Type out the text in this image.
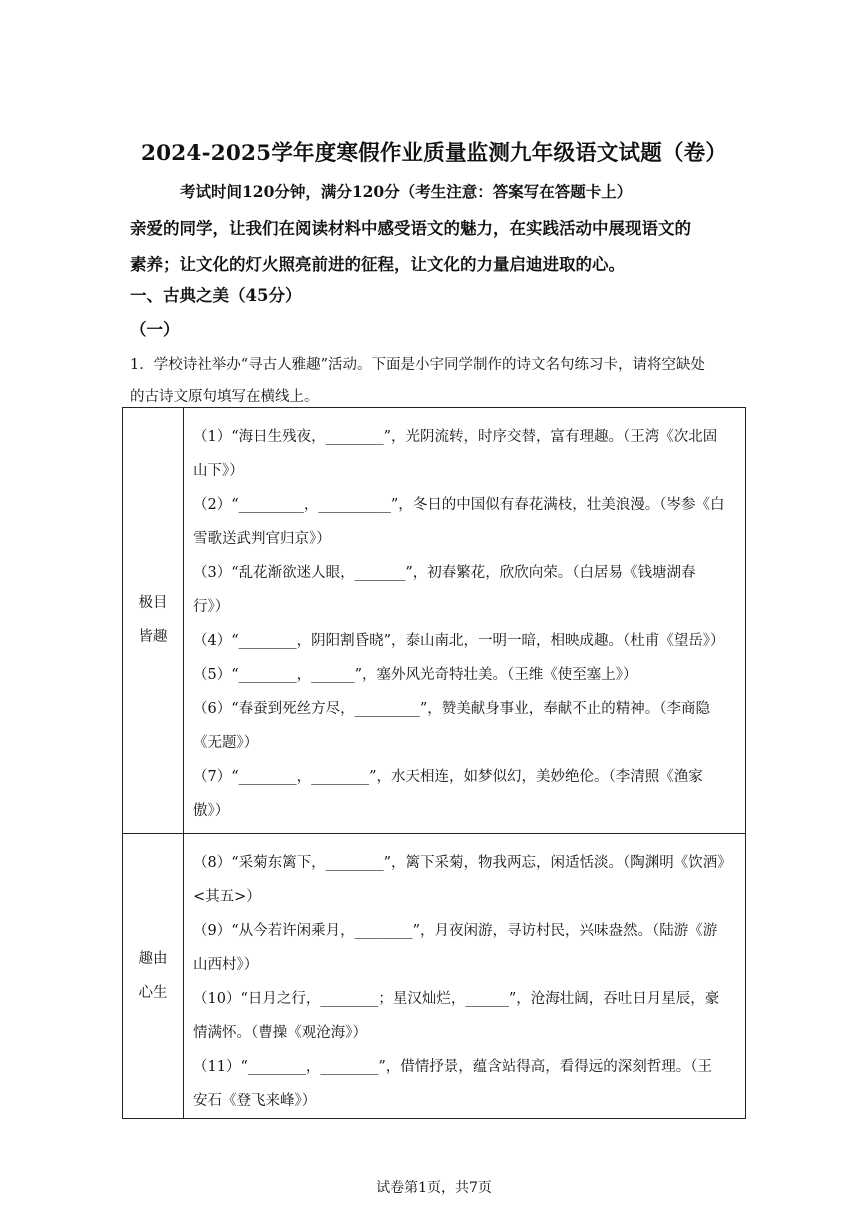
2024-2025学年度寒假作业质量监测九年级语文试题（卷）
考试时间120分钟，满分120分（考生注意：答案写在答题卡上）
亲爱的同学，让我们在阅读材料中感受语文的魅力，在实践活动中展现语文的
素养；让文化的灯火照亮前进的征程，让文化的力量启迪进取的心。
一、古典之美（45分）
（一）
1．学校诗社举办“寻古人雅趣”活动。下面是小宇同学制作的诗文名句练习卡，请将空缺处
的古诗文原句填写在横线上。
极目
皆趣
（1）“海日生残夜，________”，光阴流转，时序交替，富有理趣。（王湾《次北固
山下》）
（2）“_________，__________”，冬日的中国似有春花满枝，壮美浪漫。（岑参《白
雪歌送武判官归京》）
（3）“乱花渐欲迷人眼，_______”，初春繁花，欣欣向荣。（白居易《钱塘湖春
行》）
（4）“________，阴阳割昏晓”，泰山南北，一明一暗，相映成趣。（杜甫《望岳》）
（5）“________，______”，塞外风光奇特壮美。（王维《使至塞上》）
（6）“春蚕到死丝方尽，_________”，赞美献身事业，奉献不止的精神。（李商隐
《无题》）
（7）“________，________”，水天相连，如梦似幻，美妙绝伦。（李清照《渔家
傲》）
趣由
心生
（8）“采菊东篱下，________”，篱下采菊，物我两忘，闲适恬淡。（陶渊明《饮酒》
<其五>）
（9）“从今若许闲乘月，________”，月夜闲游，寻访村民，兴味盎然。（陆游《游
山西村》）
（10）“日月之行，________；星汉灿烂，______”，沧海壮阔，吞吐日月星辰，豪
情满怀。（曹操《观沧海》）
（11）“________，________”，借情抒景，蕴含站得高，看得远的深刻哲理。（王
安石《登飞来峰》）
试卷第1页，共7页
